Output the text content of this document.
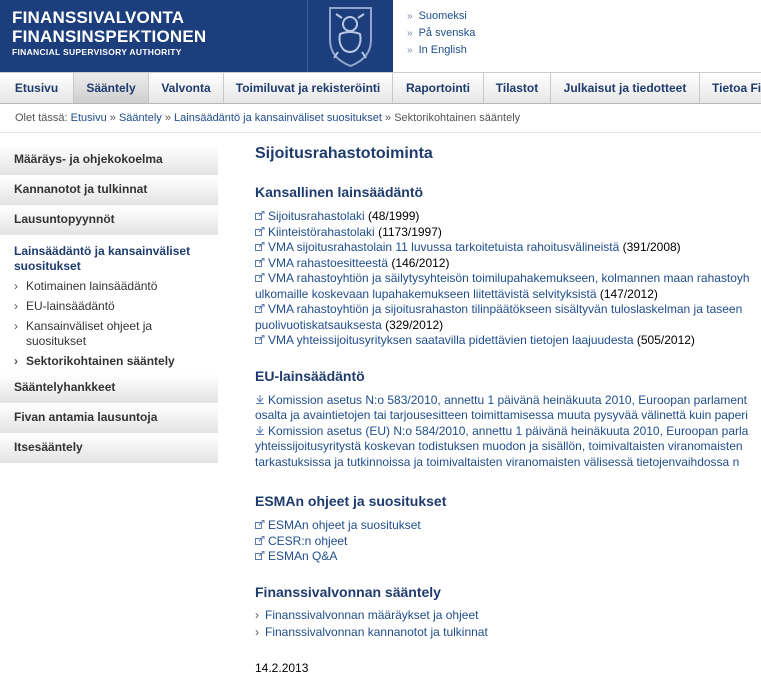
FINANSSIVALVONTA
FINANSINSPEKTIONEN
FINANCIAL SUPERVISORY AUTHORITY
» Suomeksi
» På svenska
» In English
Etusivu	Sääntely	Valvonta	Toimiluvat ja rekisteröinti	Raportointi	Tilastot	Julkaisut ja tiedotteet	Tietoa Fi
Olet tässä: Etusivu » Sääntely » Lainsäädäntö ja kansainväliset suositukset » Sektorikohtainen sääntely
Määräys- ja ohjekokoelma
Kannanotot ja tulkinnat
Lausuntopyynnöt
Lainsäädäntö ja kansainväliset suositukset
› Kotimainen lainsäädäntö
› EU-lainsäädäntö
› Kansainväliset ohjeet ja suositukset
› Sektorikohtainen sääntely
Sääntelyhankkeet
Fivan antamia lausuntoja
Itsesääntely
Sijoitusrahastotoiminta
Kansallinen lainsäädäntö
Sijoitusrahastolaki (48/1999)
Kiinteistörahastolaki (1173/1997)
VMA sijoitusrahastolain 11 luvussa tarkoitetuista rahoitusvälineistä (391/2008)
VMA rahastoesitteestä (146/2012)
VMA rahastoyhtiön ja säilytysyhteisön toimilupahakemukseen, kolmannen maan rahastoyh
ulkomaille koskevaan lupahakemukseen liitettävistä selvityksistä (147/2012)
VMA rahastoyhtiön ja sijoitusrahaston tilinpäätökseen sisältyvän tuloslaskelman ja taseen
puolivuotiskatsauksesta (329/2012)
VMA yhteissijoitusyrityksen saatavilla pidettävien tietojen laajuudesta (505/2012)
EU-lainsäädäntö
Komission asetus N:o 583/2010, annettu 1 päivänä heinäkuuta 2010, Euroopan parlament
osalta ja avaintietojen tai tarjousesitteen toimittamisessa muuta pysyvää välinettä kuin paperi
Komission asetus (EU) N:o 584/2010, annettu 1 päivänä heinäkuuta 2010, Euroopan parla
yhteissijoitusyritystä koskevan todistuksen muodon ja sisällön, toimivaltaisten viranomaisten
tarkastuksissa ja tutkinnoissa ja toimivaltaisten viranomaisten välisessä tietojenvaihdossa n
ESMAn ohjeet ja suositukset
ESMAn ohjeet ja suositukset
CESR:n ohjeet
ESMAn Q&A
Finanssivalvonnan sääntely
› Finanssivalvonnan määräykset ja ohjeet
› Finanssivalvonnan kannanotot ja tulkinnat
14.2.2013
